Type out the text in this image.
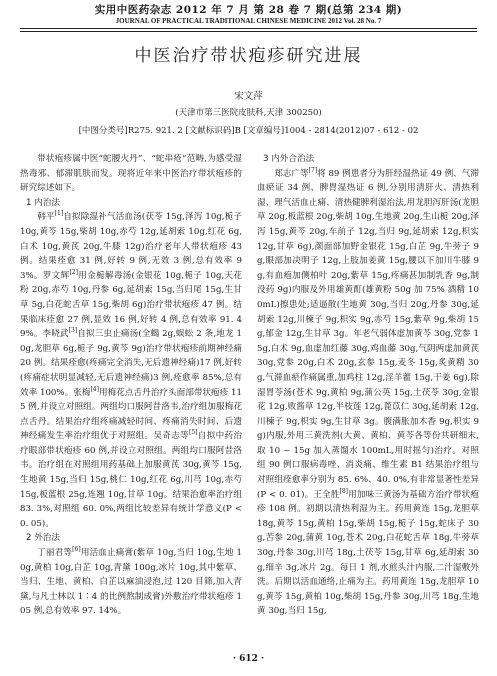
实用中医药杂志 2012 年 7 月 第 28 卷 7 期(总第 234 期)
JOURNAL OF PRACTICAL TRADITIONAL CHINESE MEDICINE 2012 Vol. 28 No. 7
中医治疗带状疱疹研究进展
宋文萍
(天津市第三医院皮肤科,天津 300250)
[中图分类号]R275. 921. 2 [文献标识码]B [文章编号]1004 - 2814(2012)07 - 612 - 02

带状疱疹属中医“蛇腰火丹”、“蛇串疮”范畴,为感受湿热毒邪、郁滞肌肤而发。现将近年来中医治疗带状疱疹的研究综述如下。

1 内治法

韩平[1]自拟除湿补气活血汤(茯苓 15g,泽泻 10g,栀子 10g,黄芩 15g,柴胡 10g,赤芍 12g,延胡索 10g,红花 6g,白术 10g,黄芪 20g,牛膝 12g)治疗老年人带状疱疹 43 例。结果痊愈 31 例,好转 9 例,无效 3 例,总有效率 93%。罗文辉[2]用金栀解毒汤(金银花 10g,栀子 10g,天花粉 20g,赤芍 10g,丹参 6g,延胡索 15g,当归尾 15g,生甘草 5g,白花蛇舌草 15g,柴胡 6g)治疗带状疱疹 47 例。结果临床痊愈 27 例,显效 16 例,好转 4 例,总有效率 91. 49%。李晓武[3]自拟三虫止痛汤(全蝎 2g,蜈蚣 2 条,地龙 10g,龙胆草 6g,栀子 9g,黄芩 9g)治疗带状疱疹前期神经痛 20 例。结果痊愈(疼痛完全消失,无后遗神经痛)17 例,好转(疼痛症状明显减轻,无后遗神经痛)3 例,痊愈率 85%,总有效率 100%。张梅[4]用梅花点舌丹治疗头面部带状疱疹 115 例,并设立对照组。两组均口服阿昔洛韦,治疗组加服梅花点舌丹。结果治疗组疼痛减轻时间、疼痛消失时间、后遗神经痛发生率治疗组优于对照组。吴奇志等[5]自拟中药治疗眼部带状疱疹 60 例,并设立对照组。两组均口服阿昔洛韦。治疗组在对照组用药基础上加服黄芪 30g,黄芩 15g,生地黄 15g,当归 15g,桃仁 10g,红花 6g,川芎 10g,赤芍 15g,板蓝根 25g,连翘 10g,甘草 10g。结果治愈率治疗组 83. 3%,对照组 60. 0%,两组比较差异有统计学意义(P < 0. 05)。

2 外治法

丁丽君等[6]用活血止痛膏(紫草 10g,当归 10g,生地 10g,黄柏 10g,白芷 10g,青黛 100g,冰片 10g,其中紫草、当归、生地、黄柏、白芷以麻油浸泡,过 120 目筛,加入青黛,与凡士林以 1∶4 的比例熬制成膏)外敷治疗带状疱疹 105 例,总有效率 97. 14%。

3 内外合治法

郑志广等[7]将 89 例患者分为肝经湿热证 49 例、气滞血瘀证 34 例、脾胃湿热证 6 例,分别用清肝火、清热利湿、理气活血止痛、清热健脾利湿治法,用龙胆泻肝汤(龙胆草 20g,板蓝根 20g,柴胡 10g,生地黄 20g,生山栀 20g,泽泻 15g,黄芩 20g,车前子 12g,当归 9g,延胡索 12g,枳实 12g,甘草 6g),颜面部加野金银花 15g,白芷 9g,牛蒡子 9g,眼部加决明子 12g,上肢加姜黄 15g,腰以下加川牛膝 9g,有血疱加侧柏叶 20g,紫草 15g,疼痛甚加制乳香 9g,制没药 9g)内服及外用雄黄酊(雄黄粉 50g 加 75% 酒精 100mL)擦患处;适逼散(生地黄 30g,当归 20g,丹参 30g,延胡索 12g,川楝子 9g,枳实 9g,赤芍 15g,紫草 9g,柴胡 15g,郁金 12g,生甘草 3g。年老气弱体虚加黄芩 30g,党参 15g,白术 9g,血虚加红藤 30g,鸡血藤 30g,气阴两虚加黄芪 30g,党参 20g,白术 20g,玄参 15g,麦冬 15g,炙黄精 30g,气滞血瘀作痛属重,加鸡柱 12g,淫羊藿 15g,干姜 6g),除湿胃苓汤(苍术 9g,黄柏 9g,蒲公英 15g,土茯苓 30g,金银花 12g,败酱草 12g,半枝莲 12g,蓖苡仁 30g,延胡索 12g,川楝子 9g,枳实 9g,生甘草 3g。腹满胀加木香 9g,枳实 9g)内服,外用三黄洗剂(大黄、黄柏、黄芩各等份共研细末,取 10 ~ 15g 加入蒸馏水 100mL,用时摇匀)治疗。对照组 90 例口服病毒唑、消炎痛、维生素 B1 结果治疗组与对照组痊愈率分别为 85. 6%、40. 0%,有非常显著性差异(P < 0. 01)。王全胜[8]用加味三黄汤为基础方治疗带状疱疹 108 例。初期以清热利湿为主。药用黄连 15g,龙胆草 18g,黄芩 15g,黄柏 15g,柴胡 15g,栀子 15g,蛇床子 30g,苦参 20g,蒲黄 10g,苍术 20g,白花蛇舌草 18g,牛蒡草 30g,丹参 30g,川芎 18g,土茯苓 15g,甘草 6g,延胡索 30g,细辛 3g,冰片 2g。每日 1 剂,水煎头汁内服,二汁湿敷外洗。后期以活血通络,止痛为主。药用黄连 15g,龙胆草 10g,黄芩 15g,黄柏 10g,柴胡 15g,丹参 30g,川芎 18g,生地黄 30g,当归 15g,

· 612 ·
